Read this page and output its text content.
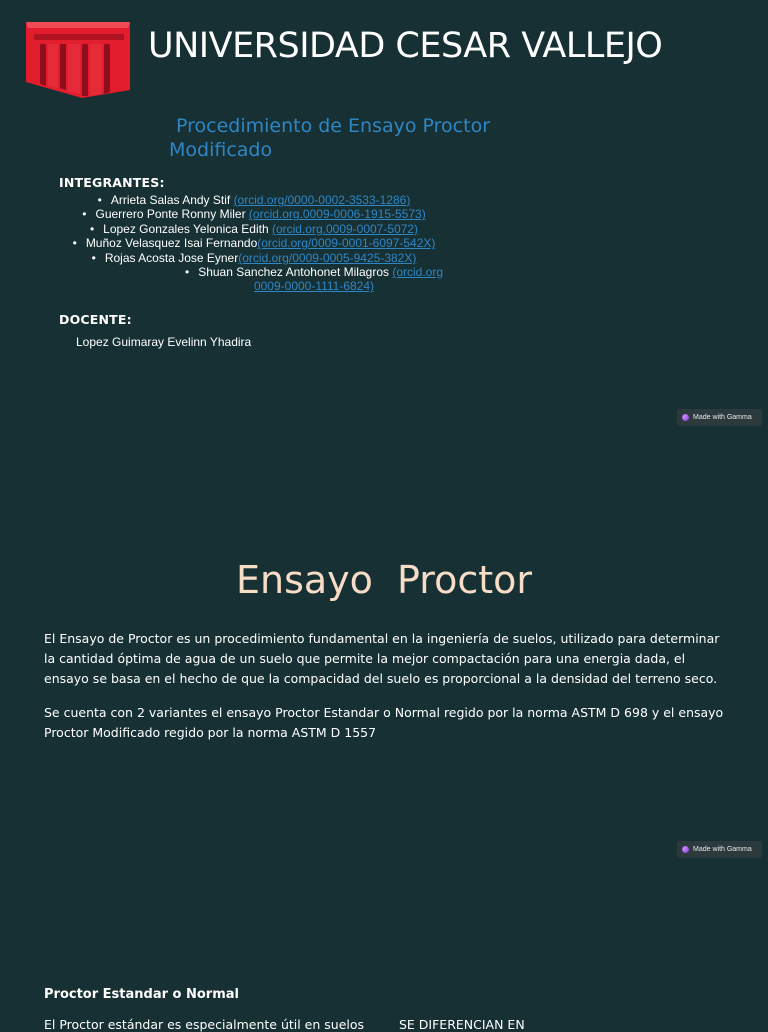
UNIVERSIDAD CESAR VALLEJO
Procedimiento de Ensayo Proctor
Modificado
INTEGRANTES:
• Arrieta Salas Andy Stif (orcid.org/0000-0002-3533-1286)
• Guerrero Ponte Ronny Miler (orcid.org.0009-0006-1915-5573)
• Lopez Gonzales Yelonica Edith (orcid.org.0009-0007-5072)
• Muñoz Velasquez Isai Fernando(orcid.org/0009-0001-6097-542X)
• Rojas Acosta Jose Eyner(orcid.org/0009-0005-9425-382X)
• Shuan Sanchez Antohonet Milagros (orcid.org 0009-0000-1111-6824)
DOCENTE:
Lopez Guimaray Evelinn Yhadira
Made with Gamma
Ensayo  Proctor
El Ensayo de Proctor es un procedimiento fundamental en la ingeniería de suelos, utilizado para determinar la cantidad óptima de agua de un suelo que permite la mejor compactación para una energia dada, el ensayo se basa en el hecho de que la compacidad del suelo es proporcional a la densidad del terreno seco.
Se cuenta con 2 variantes el ensayo Proctor Estandar o Normal regido por la norma ASTM D 698 y el ensayo Proctor Modificado regido por la norma ASTM D 1557
Made with Gamma
Proctor Estandar o Normal
El Proctor estándar es especialmente útil en suelos	SE DIFERENCIAN EN
